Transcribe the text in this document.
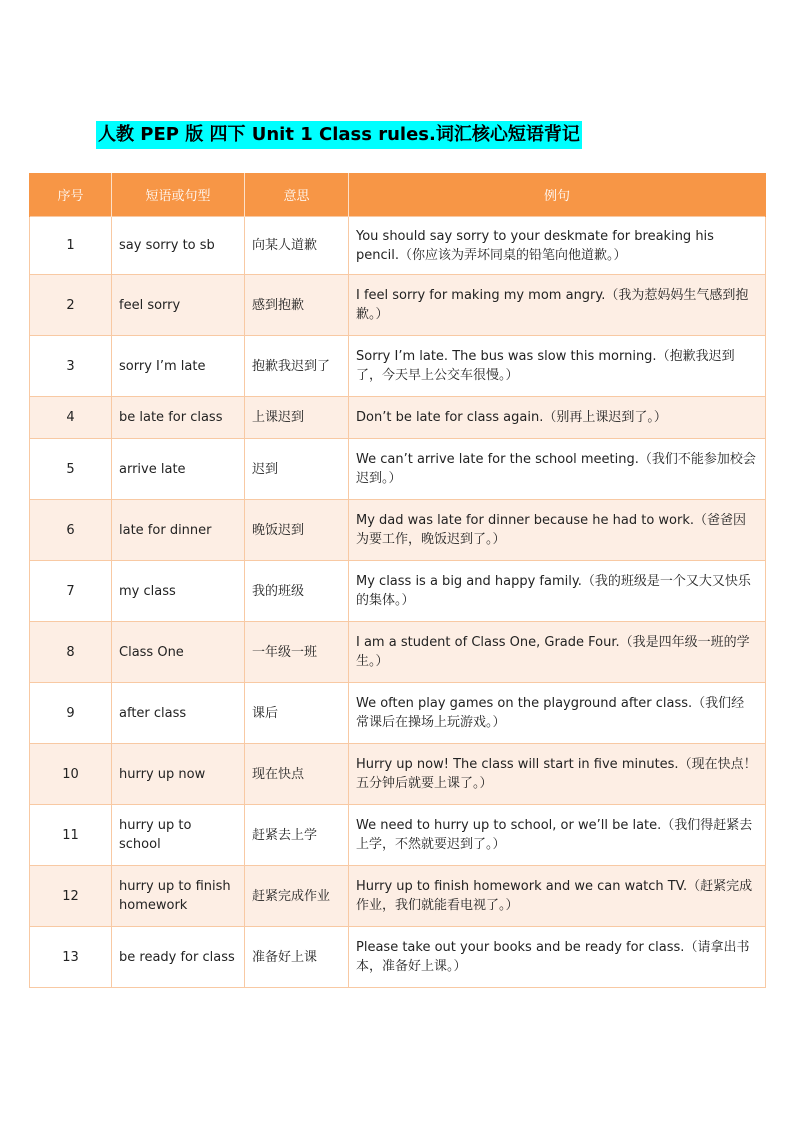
人教 PEP 版 四下 Unit 1 Class rules.词汇核心短语背记
序号	短语或句型	意思	例句
1	say sorry to sb	向某人道歉	You should say sorry to your deskmate for breaking his pencil.（你应该为弄坏同桌的铅笔向他道歉。）
2	feel sorry	感到抱歉	I feel sorry for making my mom angry.（我为惹妈妈生气感到抱歉。）
3	sorry I’m late	抱歉我迟到了	Sorry I’m late. The bus was slow this morning.（抱歉我迟到了，今天早上公交车很慢。）
4	be late for class	上课迟到	Don’t be late for class again.（别再上课迟到了。）
5	arrive late	迟到	We can’t arrive late for the school meeting.（我们不能参加校会迟到。）
6	late for dinner	晚饭迟到	My dad was late for dinner because he had to work.（爸爸因为要工作，晚饭迟到了。）
7	my class	我的班级	My class is a big and happy family.（我的班级是一个又大又快乐的集体。）
8	Class One	一年级一班	I am a student of Class One, Grade Four.（我是四年级一班的学生。）
9	after class	课后	We often play games on the playground after class.（我们经常课后在操场上玩游戏。）
10	hurry up now	现在快点	Hurry up now! The class will start in five minutes.（现在快点！五分钟后就要上课了。）
11	hurry up to school	赶紧去上学	We need to hurry up to school, or we’ll be late.（我们得赶紧去上学，不然就要迟到了。）
12	hurry up to finish homework	赶紧完成作业	Hurry up to finish homework and we can watch TV.（赶紧完成作业，我们就能看电视了。）
13	be ready for class	准备好上课	Please take out your books and be ready for class.（请拿出书本，准备好上课。）
